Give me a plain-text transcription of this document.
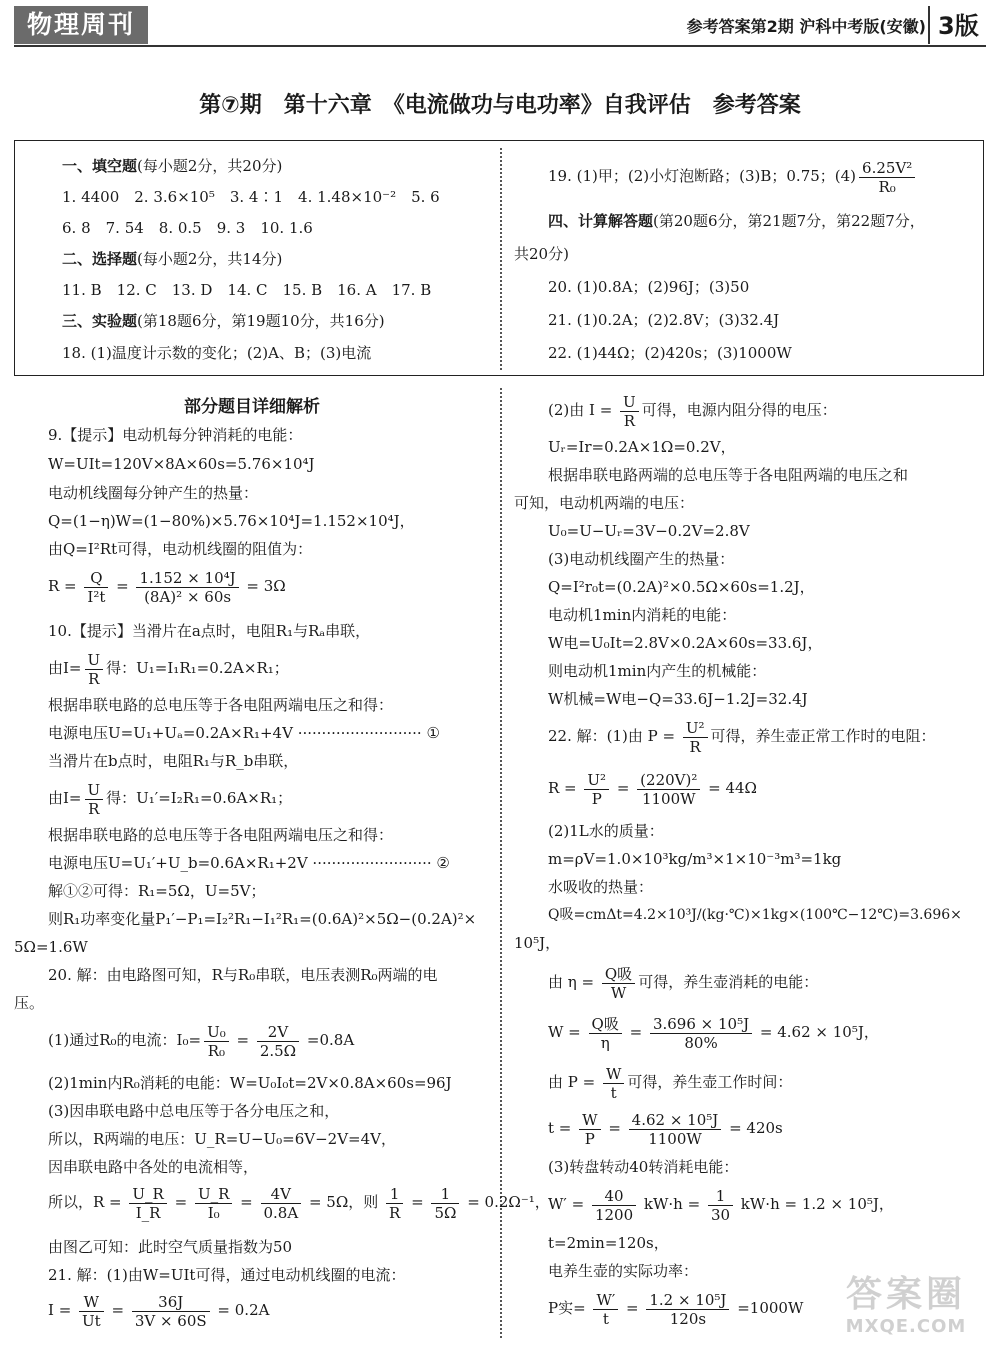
物理周刊	参考答案第2期 沪科中考版(安徽) 3版
第⑦期　第十六章　《电流做功与电功率》自我评估　参考答案
一、填空题(每小题2分，共20分)
1. 4400　2. 3.6×10⁵　3. 4∶1　4. 1.48×10⁻²　5. 6
6. 8　7. 54　8. 0.5　9. 3　10. 1.6
二、选择题(每小题2分，共14分)
11. B　12. C　13. D　14. C　15. B　16. A　17. B
三、实验题(第18题6分，第19题10分，共16分)
18. (1)温度计示数的变化；(2)A、B；(3)电流
19. (1)甲；(2)小灯泡断路；(3)B；0.75；$(4) \frac{\text{6.25V²}}{\text{R₀}}$
四、计算解答题(第20题6分，第21题7分，第22题7分，
共20分)
20. (1)0.8A；(2)96J；(3)50
21. (1)0.2A；(2)2.8V；(3)32.4J
22. (1)44Ω；(2)420s；(3)1000W
部分题目详细解析
9.【提示】电动机每分钟消耗的电能：
W=UIt=120V×8A×60s=5.76×10⁴J
电动机线圈每分钟产生的热量：
Q=(1−η)W=(1−80%)×5.76×10⁴J=1.152×10⁴J，
由Q=I²Rt可得，电动机线圈的阻值为：
$R = \frac{Q}{\text{I²t}} = \frac{\text{1.152 × 10⁴J}}{\text{(8A)² × 60s}} = 3\Omega$
10.【提示】当滑片在a点时，电阻R₁与Rₐ串联，
由$I= \frac{U}{R}$ 得：U₁=I₁R₁=0.2A×R₁；
根据串联电路的总电压等于各电阻两端电压之和得：
电源电压U=U₁+Uₐ=0.2A×R₁+4V ·························· ①
当滑片在b点时，电阻R₁与R_b串联，
由$I= \frac{U}{R}$ 得：U₁′=I₂R₁=0.6A×R₁；
根据串联电路的总电压等于各电阻两端电压之和得：
电源电压U=U₁′+U_b=0.6A×R₁+2V ························· ②
解①②可得：R₁=5Ω，U=5V；
则R₁功率变化量P₁′−P₁=I₂²R₁−I₁²R₁=(0.6A)²×5Ω−(0.2A)²×
5Ω=1.6W
20. 解：由电路图可知，R与R₀串联，电压表测R₀两端的电
压。
(1)通过R₀的电流：$I_0= \frac{\text{U₀}}{\text{R₀}} = \frac{2V}{2.5\Omega} =0.8A$
(2)1min内R₀消耗的电能：W=U₀I₀t=2V×0.8A×60s=96J
(3)因串联电路中总电压等于各分电压之和，
所以，R两端的电压：U_R=U−U₀=6V−2V=4V，
因串联电路中各处的电流相等，
所以，$R = \frac{U\_R}{I\_R} = \frac{U\_R}{\text{I₀}} = \frac{4V}{0.8A} = 5\Omega$，则 $\frac{1}{R} = \frac{1}{5\Omega} = 0.2\Omega^{-1}$，
由图乙可知：此时空气质量指数为50
21. 解：(1)由W=UIt可得，通过电动机线圈的电流：
$I = \frac{W}{Ut} = \frac{36J}{3V \times 60S} = 0.2A$
(2)由 $I = \frac{U}{R}$ 可得，电源内阻分得的电压：
Uᵣ=Ir=0.2A×1Ω=0.2V，
根据串联电路两端的总电压等于各电阻两端的电压之和
可知，电动机两端的电压：
U₀=U−Uᵣ=3V−0.2V=2.8V
(3)电动机线圈产生的热量：
Q=I²r₀t=(0.2A)²×0.5Ω×60s=1.2J，
电动机1min内消耗的电能：
W电=U₀It=2.8V×0.2A×60s=33.6J，
则电动机1min内产生的机械能：
W机械=W电−Q=33.6J−1.2J=32.4J
22. 解：(1)由 $P = \frac{\text{U²}}{R}$ 可得，养生壶正常工作时的电阻：
$R = \frac{\text{U²}}{P} = \frac{\text{(220V)²}}{1100W} = 44\Omega$
(2)1L水的质量：
m=ρV=1.0×10³kg/m³×1×10⁻³m³=1kg
水吸收的热量：
Q吸=cmΔt=4.2×10³J/(kg·℃)×1kg×(100℃−12℃)=3.696×
10⁵J，
由 $\eta = \frac{\text{Q吸}}{W}$ 可得，养生壶消耗的电能：
$W = \frac{\text{Q吸}}{\eta} = \frac{\text{3.696 × 10⁵J}}{80\%} = 4.62 \times 10^5J$，
由 $P = \frac{W}{t}$ 可得，养生壶工作时间：
$t = \frac{W}{P} = \frac{\text{4.62 × 10⁵J}}{1100W} = 420s$
(3)转盘转动40转消耗电能：
$W' = \frac{40}{1200} kW\cdot h = \frac{1}{30} kW\cdot h = 1.2 \times 10^5J$，
t=2min=120s，
电养生壶的实际功率：
P实= $\frac{W'}{t} = \frac{\text{1.2 × 10⁵J}}{120s} =1000W$	答案圈
MXQE.COM
